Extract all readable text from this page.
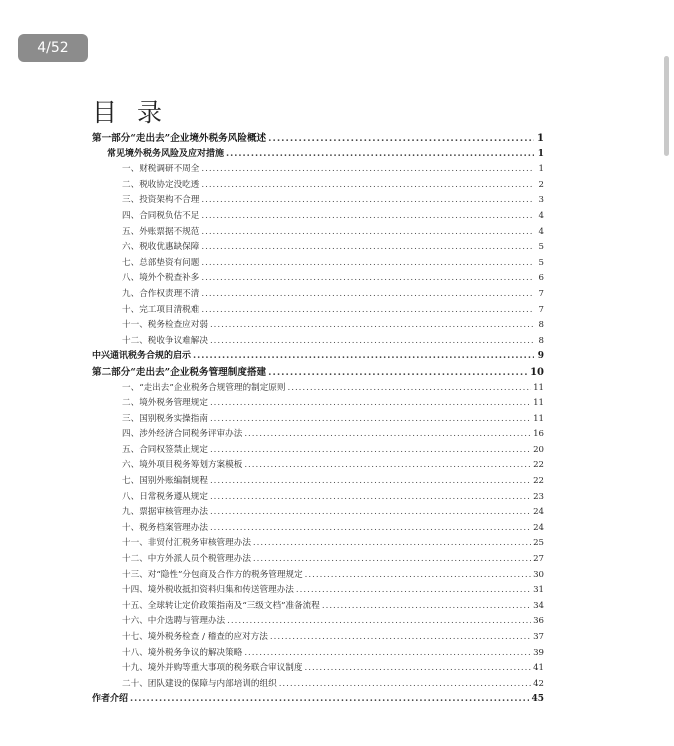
4/52
目 录
第一部分“走出去”企业境外税务风险概述 .....	1
常见境外税务风险及应对措施 .....	1
一、财税调研不周全 .....	1
二、税收协定没吃透 .....	2
三、投资架构不合理 .....	3
四、合同税负估不足 .....	4
五、外账票据不规范 .....	4
六、税收优惠缺保障 .....	5
七、总部垫资有问题 .....	5
八、境外个税查补多 .....	6
九、合作权责理不清 .....	7
十、完工项目清税难 .....	7
十一、税务检查应对弱 .....	8
十二、税收争议难解决 .....	8
中兴通讯税务合规的启示 .....	9
第二部分“走出去”企业税务管理制度搭建 .....	10
一、“走出去”企业税务合规管理的制定原则 .....	11
二、境外税务管理规定 .....	11
三、国别税务实操指南 .....	11
四、涉外经济合同税务评审办法 .....	16
五、合同权签禁止规定 .....	20
六、境外项目税务筹划方案模板 .....	22
七、国别外账编制规程 .....	22
八、日常税务遵从规定 .....	23
九、票据审核管理办法 .....	24
十、税务档案管理办法 .....	24
十一、非贸付汇税务审核管理办法 .....	25
十二、中方外派人员个税管理办法 .....	27
十三、对“隐性”分包商及合作方的税务管理规定 .....	30
十四、境外税收抵扣资料归集和传送管理办法 .....	31
十五、全球转让定价政策指南及“三级文档”准备流程 .....	34
十六、中介选聘与管理办法 .....	36
十七、境外税务检查 / 稽查的应对方法 .....	37
十八、境外税务争议的解决策略 .....	39
十九、境外并购等重大事项的税务联合审议制度 .....	41
二十、团队建设的保障与内部培训的组织 .....	42
作者介绍 .....	45
